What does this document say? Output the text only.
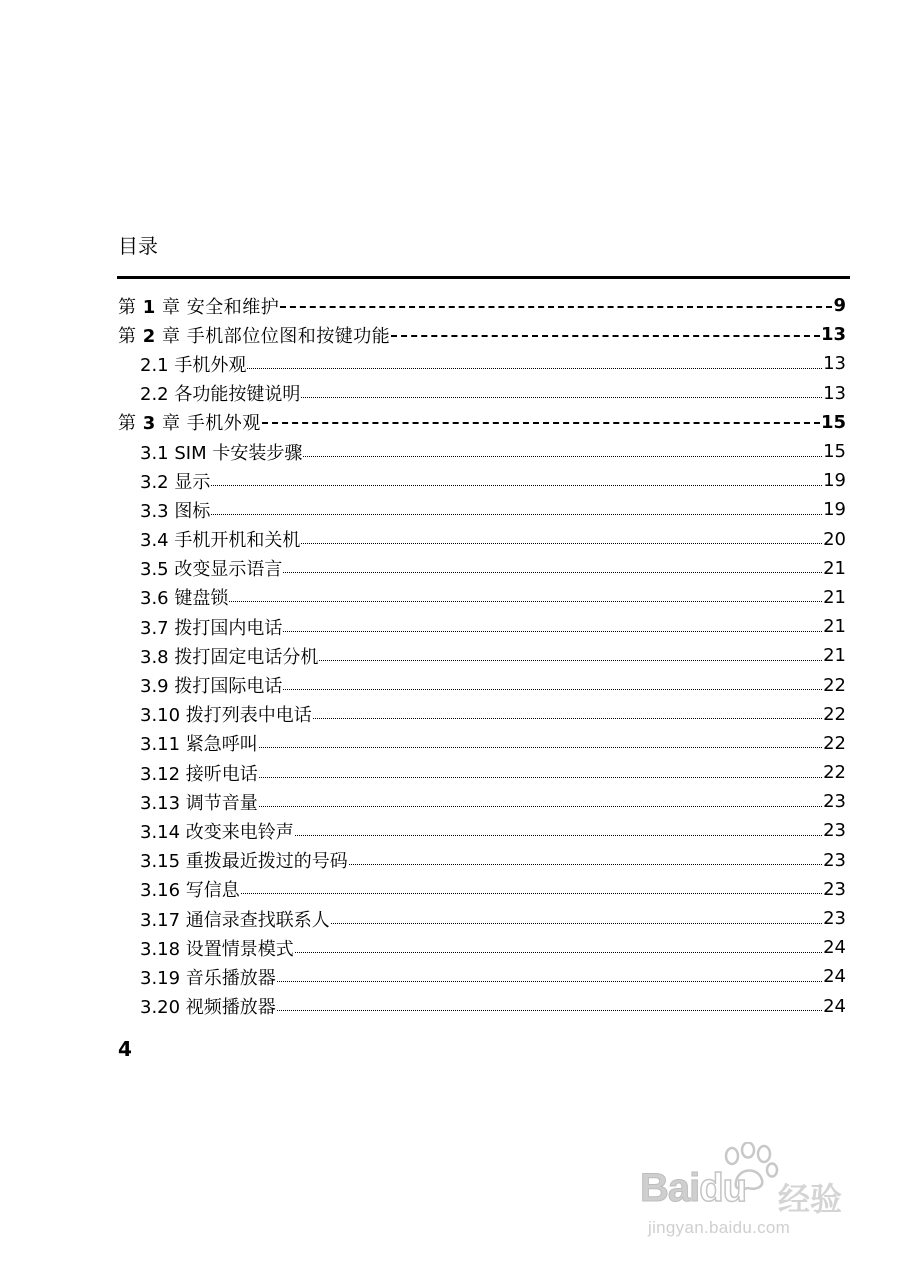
目录
第 1 章 安全和维护	9
第 2 章 手机部位位图和按键功能	13
2.1 手机外观	13
2.2 各功能按键说明	13
第 3 章 手机外观	15
3.1 SIM 卡安装步骤	15
3.2 显示	19
3.3 图标	19
3.4 手机开机和关机	20
3.5 改变显示语言	21
3.6 键盘锁	21
3.7 拨打国内电话	21
3.8 拨打固定电话分机	21
3.9 拨打国际电话	22
3.10 拨打列表中电话	22
3.11 紧急呼叫	22
3.12 接听电话	22
3.13 调节音量	23
3.14 改变来电铃声	23
3.15 重拨最近拨过的号码	23
3.16 写信息	23
3.17 通信录查找联系人	23
3.18 设置情景模式	24
3.19 音乐播放器	24
3.20 视频播放器	24
4
Baidu 经验
jingyan.baidu.com
